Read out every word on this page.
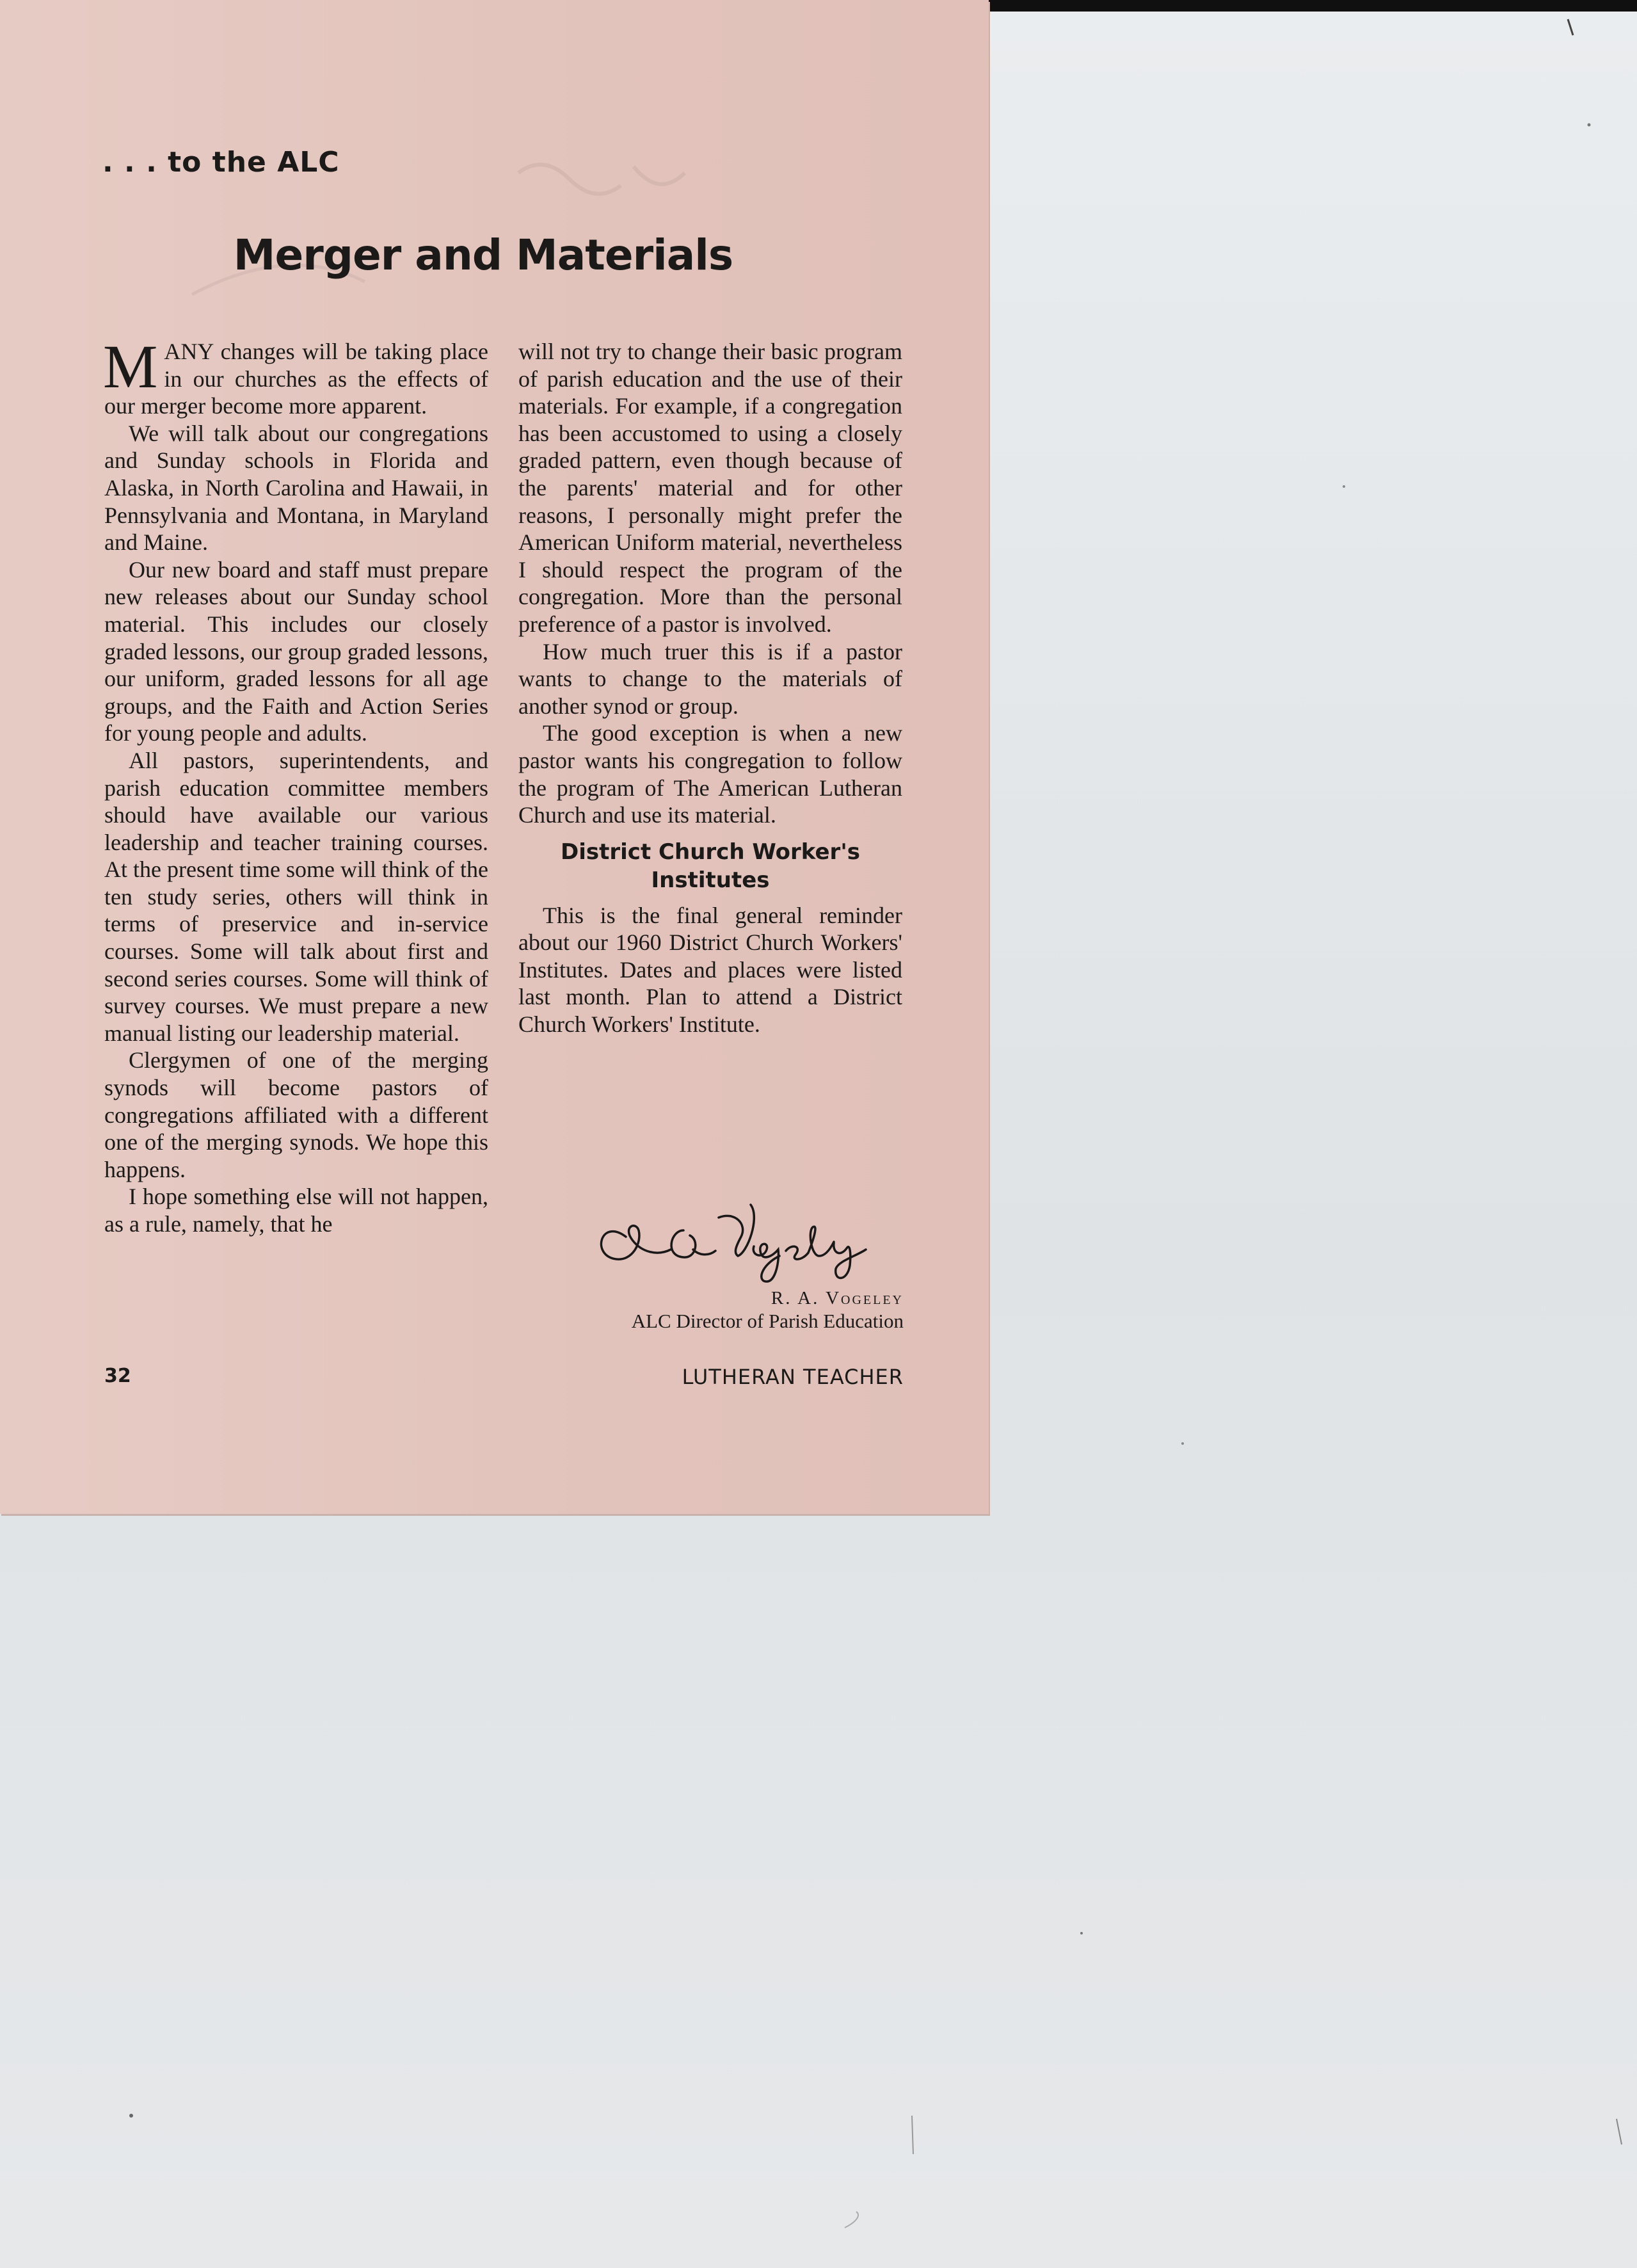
. . . to the ALC
Merger and Materials

MANY changes will be taking place in our churches as the effects of our merger become more apparent.

We will talk about our congregations and Sunday schools in Florida and Alaska, in North Carolina and Hawaii, in Pennsylvania and Montana, in Maryland and Maine.

Our new board and staff must prepare new releases about our Sunday school material. This includes our closely graded lessons, our group graded lessons, our uniform, graded lessons for all age groups, and the Faith and Action Series for young people and adults.

All pastors, superintendents, and parish education committee members should have available our various leadership and teacher training courses. At the present time some will think of the ten study series, others will think in terms of preservice and in-service courses. Some will talk about first and second series courses. Some will think of survey courses. We must prepare a new manual listing our leadership material.

Clergymen of one of the merging synods will become pastors of congregations affiliated with a different one of the merging synods. We hope this happens.

I hope something else will not happen, as a rule, namely, that he

will not try to change their basic program of parish education and the use of their materials. For example, if a congregation has been accustomed to using a closely graded pattern, even though because of the parents' material and for other reasons, I personally might prefer the American Uniform material, nevertheless I should respect the program of the congregation. More than the personal preference of a pastor is involved.

How much truer this is if a pastor wants to change to the materials of another synod or group.

The good exception is when a new pastor wants his congregation to follow the program of The American Lutheran Church and use its material.

District Church Worker's Institutes

This is the final general reminder about our 1960 District Church Workers' Institutes. Dates and places were listed last month. Plan to attend a District Church Workers' Institute.

R. A. Vogeley
R. A. Vogeley
ALC Director of Parish Education
32	LUTHERAN TEACHER
